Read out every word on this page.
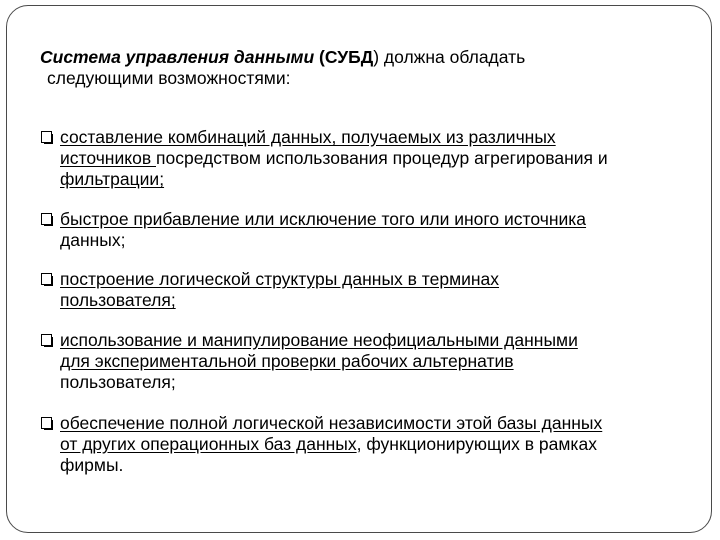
Система управления данными (СУБД) должна обладать
следующими возможностями:

составление комбинаций данных, получаемых из различных
источников посредством использования процедур агрегирования и
фильтрации;
быстрое прибавление или исключение того или иного источника
данных;
построение логической структуры данных в терминах
пользователя;
использование и манипулирование неофициальными данными
для экспериментальной проверки рабочих альтернатив
пользователя;
обеспечение полной логической независимости этой базы данных
от других операционных баз данных, функционирующих в рамках
фирмы.
